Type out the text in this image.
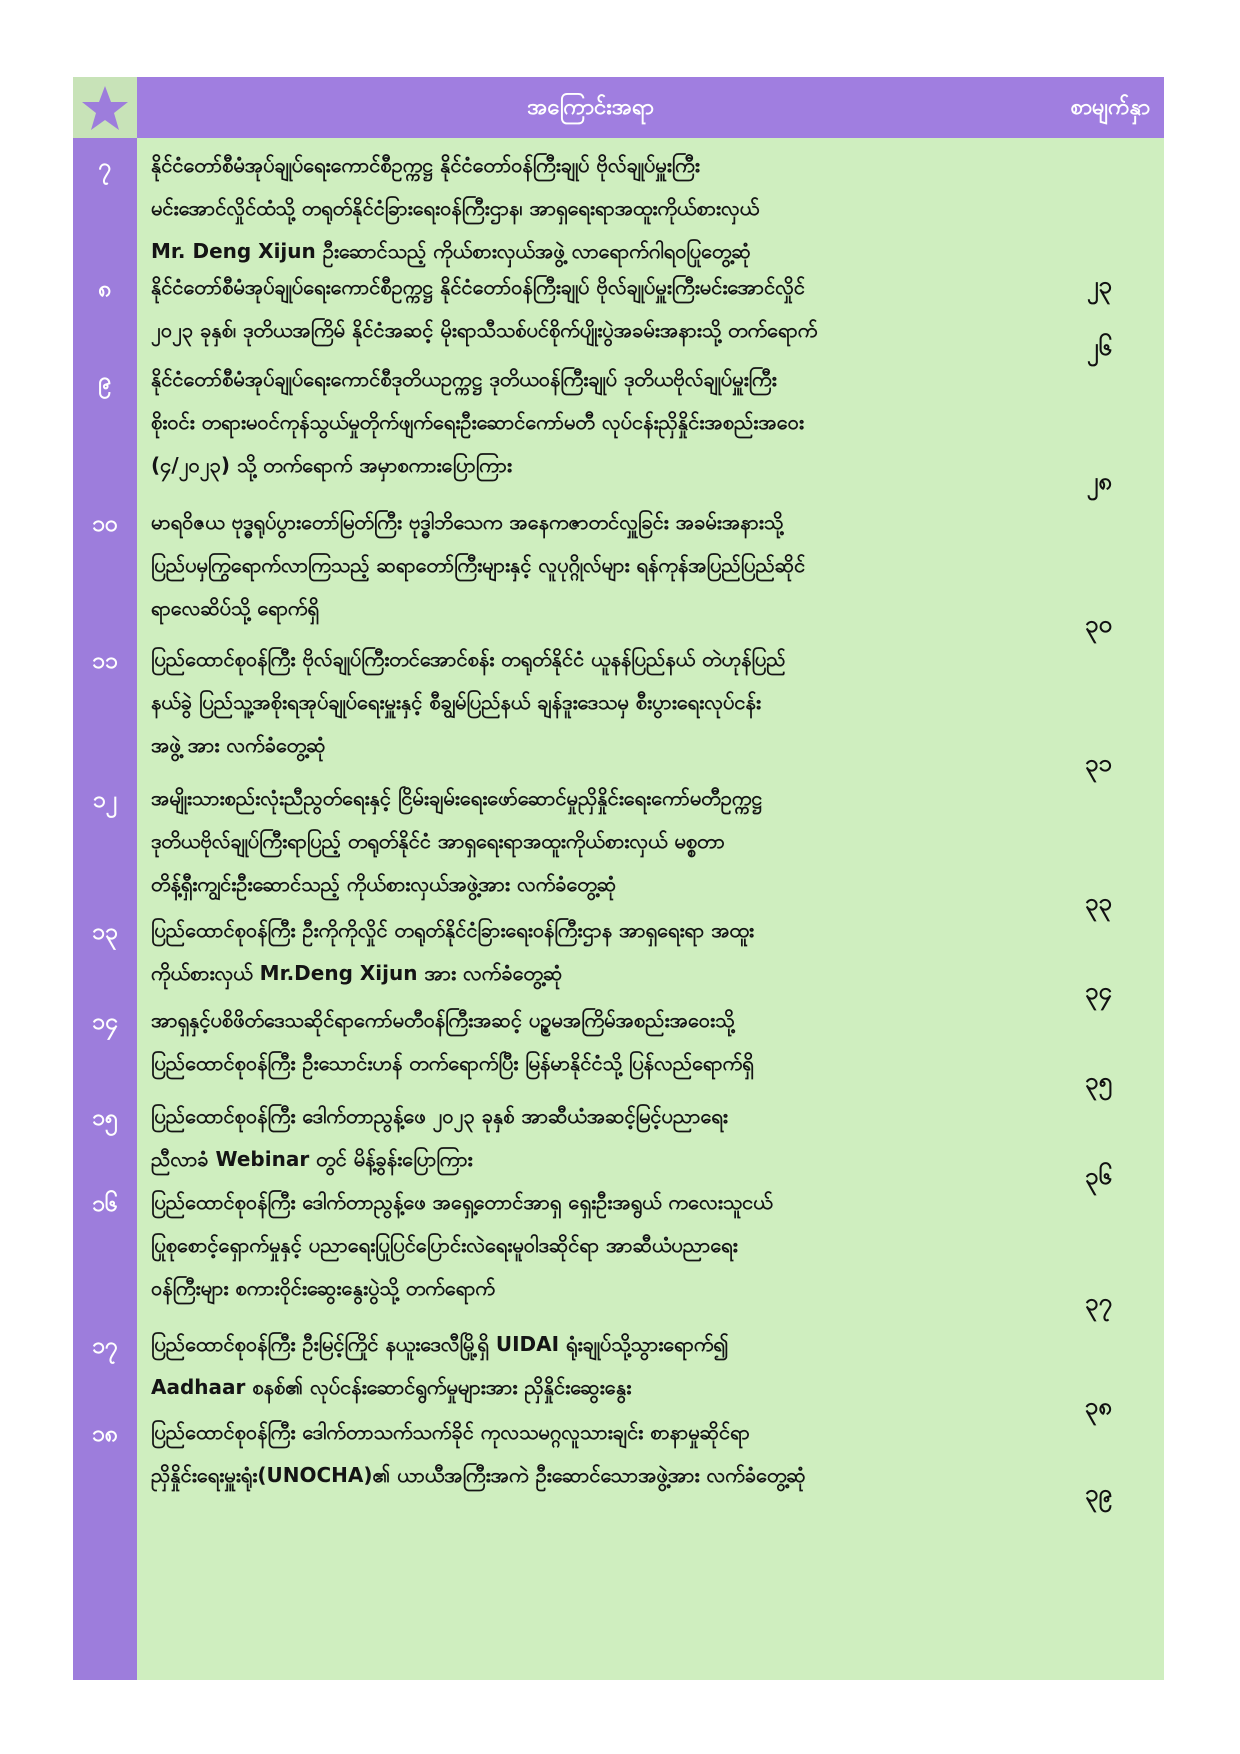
အကြောင်းအရာ	စာမျက်နှာ
၇	နိုင်ငံတော်စီမံအုပ်ချုပ်ရေးကောင်စီဥက္ကဋ္ဌ နိုင်ငံတော်ဝန်ကြီးချုပ် ဗိုလ်ချုပ်မှူးကြီး
မင်းအောင်လှိုင်ထံသို့ တရုတ်နိုင်ငံခြားရေးဝန်ကြီးဌာန၊ အာရှရေးရာအထူးကိုယ်စားလှယ်
Mr. Deng Xijun ဦးဆောင်သည့် ကိုယ်စားလှယ်အဖွဲ့ လာရောက်ဂါရဝပြုတွေ့ဆုံ
၂၃
၈	နိုင်ငံတော်စီမံအုပ်ချုပ်ရေးကောင်စီဥက္ကဋ္ဌ နိုင်ငံတော်ဝန်ကြီးချုပ် ဗိုလ်ချုပ်မှူးကြီးမင်းအောင်လှိုင်
၂၀၂၃ ခုနှစ်၊ ဒုတိယအကြိမ် နိုင်ငံအဆင့် မိုးရာသီသစ်ပင်စိုက်ပျိုးပွဲအခမ်းအနားသို့ တက်ရောက်
၂၆
၉	နိုင်ငံတော်စီမံအုပ်ချုပ်ရေးကောင်စီဒုတိယဥက္ကဋ္ဌ ဒုတိယဝန်ကြီးချုပ် ဒုတိယဗိုလ်ချုပ်မှူးကြီး
စိုးဝင်း တရားမဝင်ကုန်သွယ်မှုတိုက်ဖျက်ရေးဦးဆောင်ကော်မတီ လုပ်ငန်းညှိနှိုင်းအစည်းအဝေး
(၄/၂၀၂၃) သို့ တက်ရောက် အမှာစကားပြောကြား
၂၈
၁၀	မာရဝိဇယ ဗုဒ္ဓရုပ်ပွားတော်မြတ်ကြီး ဗုဒ္ဓါဘိသေက အနေကဇာတင်လှူခြင်း အခမ်းအနားသို့
ပြည်ပမှကြွရောက်လာကြသည့် ဆရာတော်ကြီးများနှင့် လူပုဂ္ဂိုလ်များ ရန်ကုန်အပြည်ပြည်ဆိုင်
ရာလေဆိပ်သို့ ရောက်ရှိ
၃၀
၁၁	ပြည်ထောင်စုဝန်ကြီး ဗိုလ်ချုပ်ကြီးတင်အောင်စန်း တရုတ်နိုင်ငံ ယူနန်ပြည်နယ် တဲဟုန်ပြည်
နယ်ခွဲ ပြည်သူ့အစိုးရအုပ်ချုပ်ရေးမှူးနှင့် စီချွမ်ပြည်နယ် ချန်ဒူးဒေသမှ စီးပွားရေးလုပ်ငန်း
အဖွဲ့ အား လက်ခံတွေ့ဆုံ
၃၁
၁၂	အမျိုးသားစည်းလုံးညီညွတ်ရေးနှင့် ငြိမ်းချမ်းရေးဖော်ဆောင်မှုညှိနှိုင်းရေးကော်မတီဥက္ကဋ္ဌ
ဒုတိယဗိုလ်ချုပ်ကြီးရာပြည့် တရုတ်နိုင်ငံ အာရှရေးရာအထူးကိုယ်စားလှယ် မစ္စတာ
တိန့်ရှီးကျွင်းဦးဆောင်သည့် ကိုယ်စားလှယ်အဖွဲ့အား လက်ခံတွေ့ဆုံ
၃၃
၁၃	ပြည်ထောင်စုဝန်ကြီး ဦးကိုကိုလှိုင် တရုတ်နိုင်ငံခြားရေးဝန်ကြီးဌာန အာရှရေးရာ အထူး
ကိုယ်စားလှယ် Mr.Deng Xijun အား လက်ခံတွေ့ဆုံ
၃၄
၁၄	အာရှနှင့်ပစိဖိတ်ဒေသဆိုင်ရာကော်မတီဝန်ကြီးအဆင့် ပဉ္စမအကြိမ်အစည်းအဝေးသို့
ပြည်ထောင်စုဝန်ကြီး ဦးသောင်းဟန် တက်ရောက်ပြီး မြန်မာနိုင်ငံသို့ ပြန်လည်ရောက်ရှိ
၃၅
၁၅	ပြည်ထောင်စုဝန်ကြီး ဒေါက်တာညွန့်ဖေ ၂၀၂၃ ခုနှစ် အာဆီယံအဆင့်မြင့်ပညာရေး
ညီလာခံ Webinar တွင် မိန့်ခွန်းပြောကြား
၃၆
၁၆	ပြည်ထောင်စုဝန်ကြီး ဒေါက်တာညွန့်ဖေ အရှေ့တောင်အာရှ ရှေးဦးအရွယ် ကလေးသူငယ်
ပြုစုစောင့်ရှောက်မှုနှင့် ပညာရေးပြုပြင်ပြောင်းလဲရေးမူဝါဒဆိုင်ရာ အာဆီယံပညာရေး
ဝန်ကြီးများ စကားဝိုင်းဆွေးနွေးပွဲသို့ တက်ရောက်	၃၇
၁၇	ပြည်ထောင်စုဝန်ကြီး ဦးမြင့်ကြိုင် နယူးဒေလီမြို့ရှိ UIDAI ရုံးချုပ်သို့သွားရောက်၍
Aadhaar စနစ်၏ လုပ်ငန်းဆောင်ရွက်မှုများအား ညှိနှိုင်းဆွေးနွေး
၃၈
၁၈	ပြည်ထောင်စုဝန်ကြီး ဒေါက်တာသက်သက်ခိုင် ကုလသမဂ္ဂလူသားချင်း စာနာမှုဆိုင်ရာ
ညှိနှိုင်းရေးမှူးရုံး(UNOCHA)၏ ယာယီအကြီးအကဲ ဦးဆောင်သောအဖွဲ့အား လက်ခံတွေ့ဆုံ
၃၉
